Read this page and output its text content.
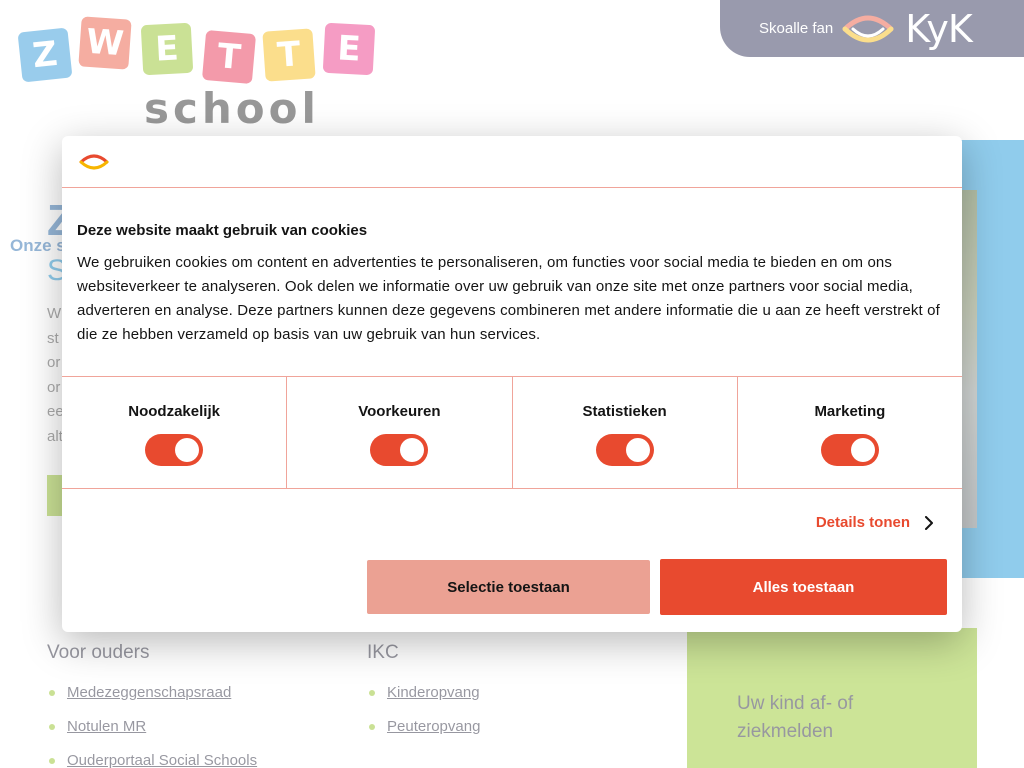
Deze website maakt gebruik van cookies
We gebruiken cookies om content en advertenties te personaliseren, om functies voor social media te bieden en om ons websiteverkeer te analyseren. Ook delen we informatie over uw gebruik van onze site met onze partners voor social media, adverteren en analyse. Deze partners kunnen deze gegevens combineren met andere informatie die u aan ze heeft verstrekt of die ze hebben verzameld op basis van uw gebruik van hun services.
Noodzakelijk	Voorkeuren	Statistieken	Marketing
Details tonen
Selectie toestaan	Alles toestaan
